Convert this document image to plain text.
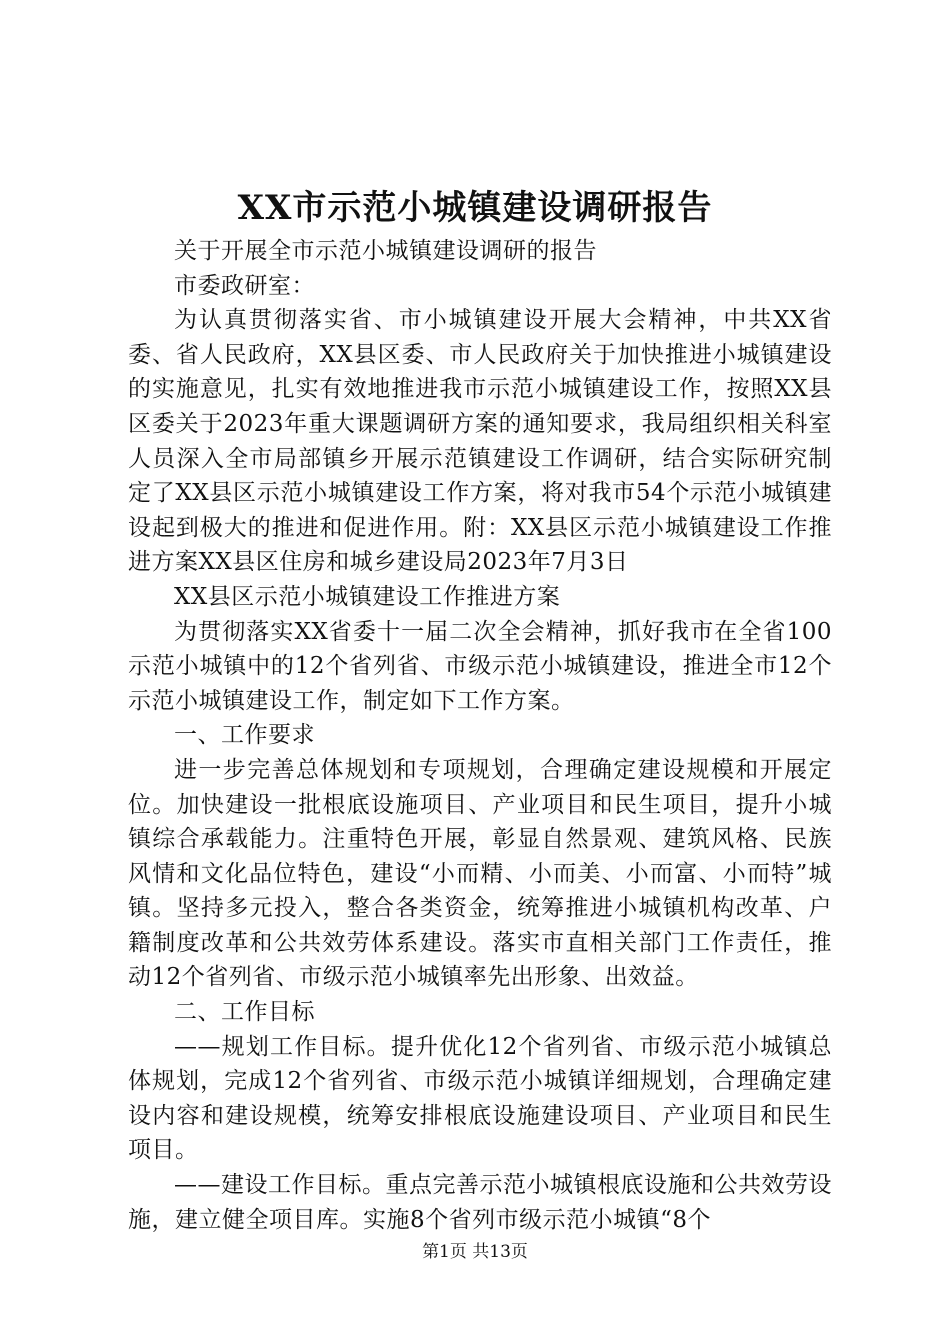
XX市示范小城镇建设调研报告

关于开展全市示范小城镇建设调研的报告

市委政研室：

为认真贯彻落实省、市小城镇建设开展大会精神，中共XX省委、省人民政府，XX县区委、市人民政府关于加快推进小城镇建设的实施意见，扎实有效地推进我市示范小城镇建设工作，按照XX县区委关于2023年重大课题调研方案的通知要求，我局组织相关科室人员深入全市局部镇乡开展示范镇建设工作调研，结合实际研究制定了XX县区示范小城镇建设工作方案，将对我市54个示范小城镇建设起到极大的推进和促进作用。附：XX县区示范小城镇建设工作推进方案XX县区住房和城乡建设局2023年7月3日

XX县区示范小城镇建设工作推进方案

为贯彻落实XX省委十一届二次全会精神，抓好我市在全省100示范小城镇中的12个省列省、市级示范小城镇建设，推进全市12个示范小城镇建设工作，制定如下工作方案。

一、工作要求

进一步完善总体规划和专项规划，合理确定建设规模和开展定位。加快建设一批根底设施项目、产业项目和民生项目，提升小城镇综合承载能力。注重特色开展，彰显自然景观、建筑风格、民族风情和文化品位特色，建设“小而精、小而美、小而富、小而特”城镇。坚持多元投入，整合各类资金，统筹推进小城镇机构改革、户籍制度改革和公共效劳体系建设。落实市直相关部门工作责任，推动12个省列省、市级示范小城镇率先出形象、出效益。

二、工作目标

——规划工作目标。提升优化12个省列省、市级示范小城镇总体规划，完成12个省列省、市级示范小城镇详细规划，合理确定建设内容和建设规模，统筹安排根底设施建设项目、产业项目和民生项目。

——建设工作目标。重点完善示范小城镇根底设施和公共效劳设施，建立健全项目库。实施8个省列市级示范小城镇“8个

第1页 共13页
